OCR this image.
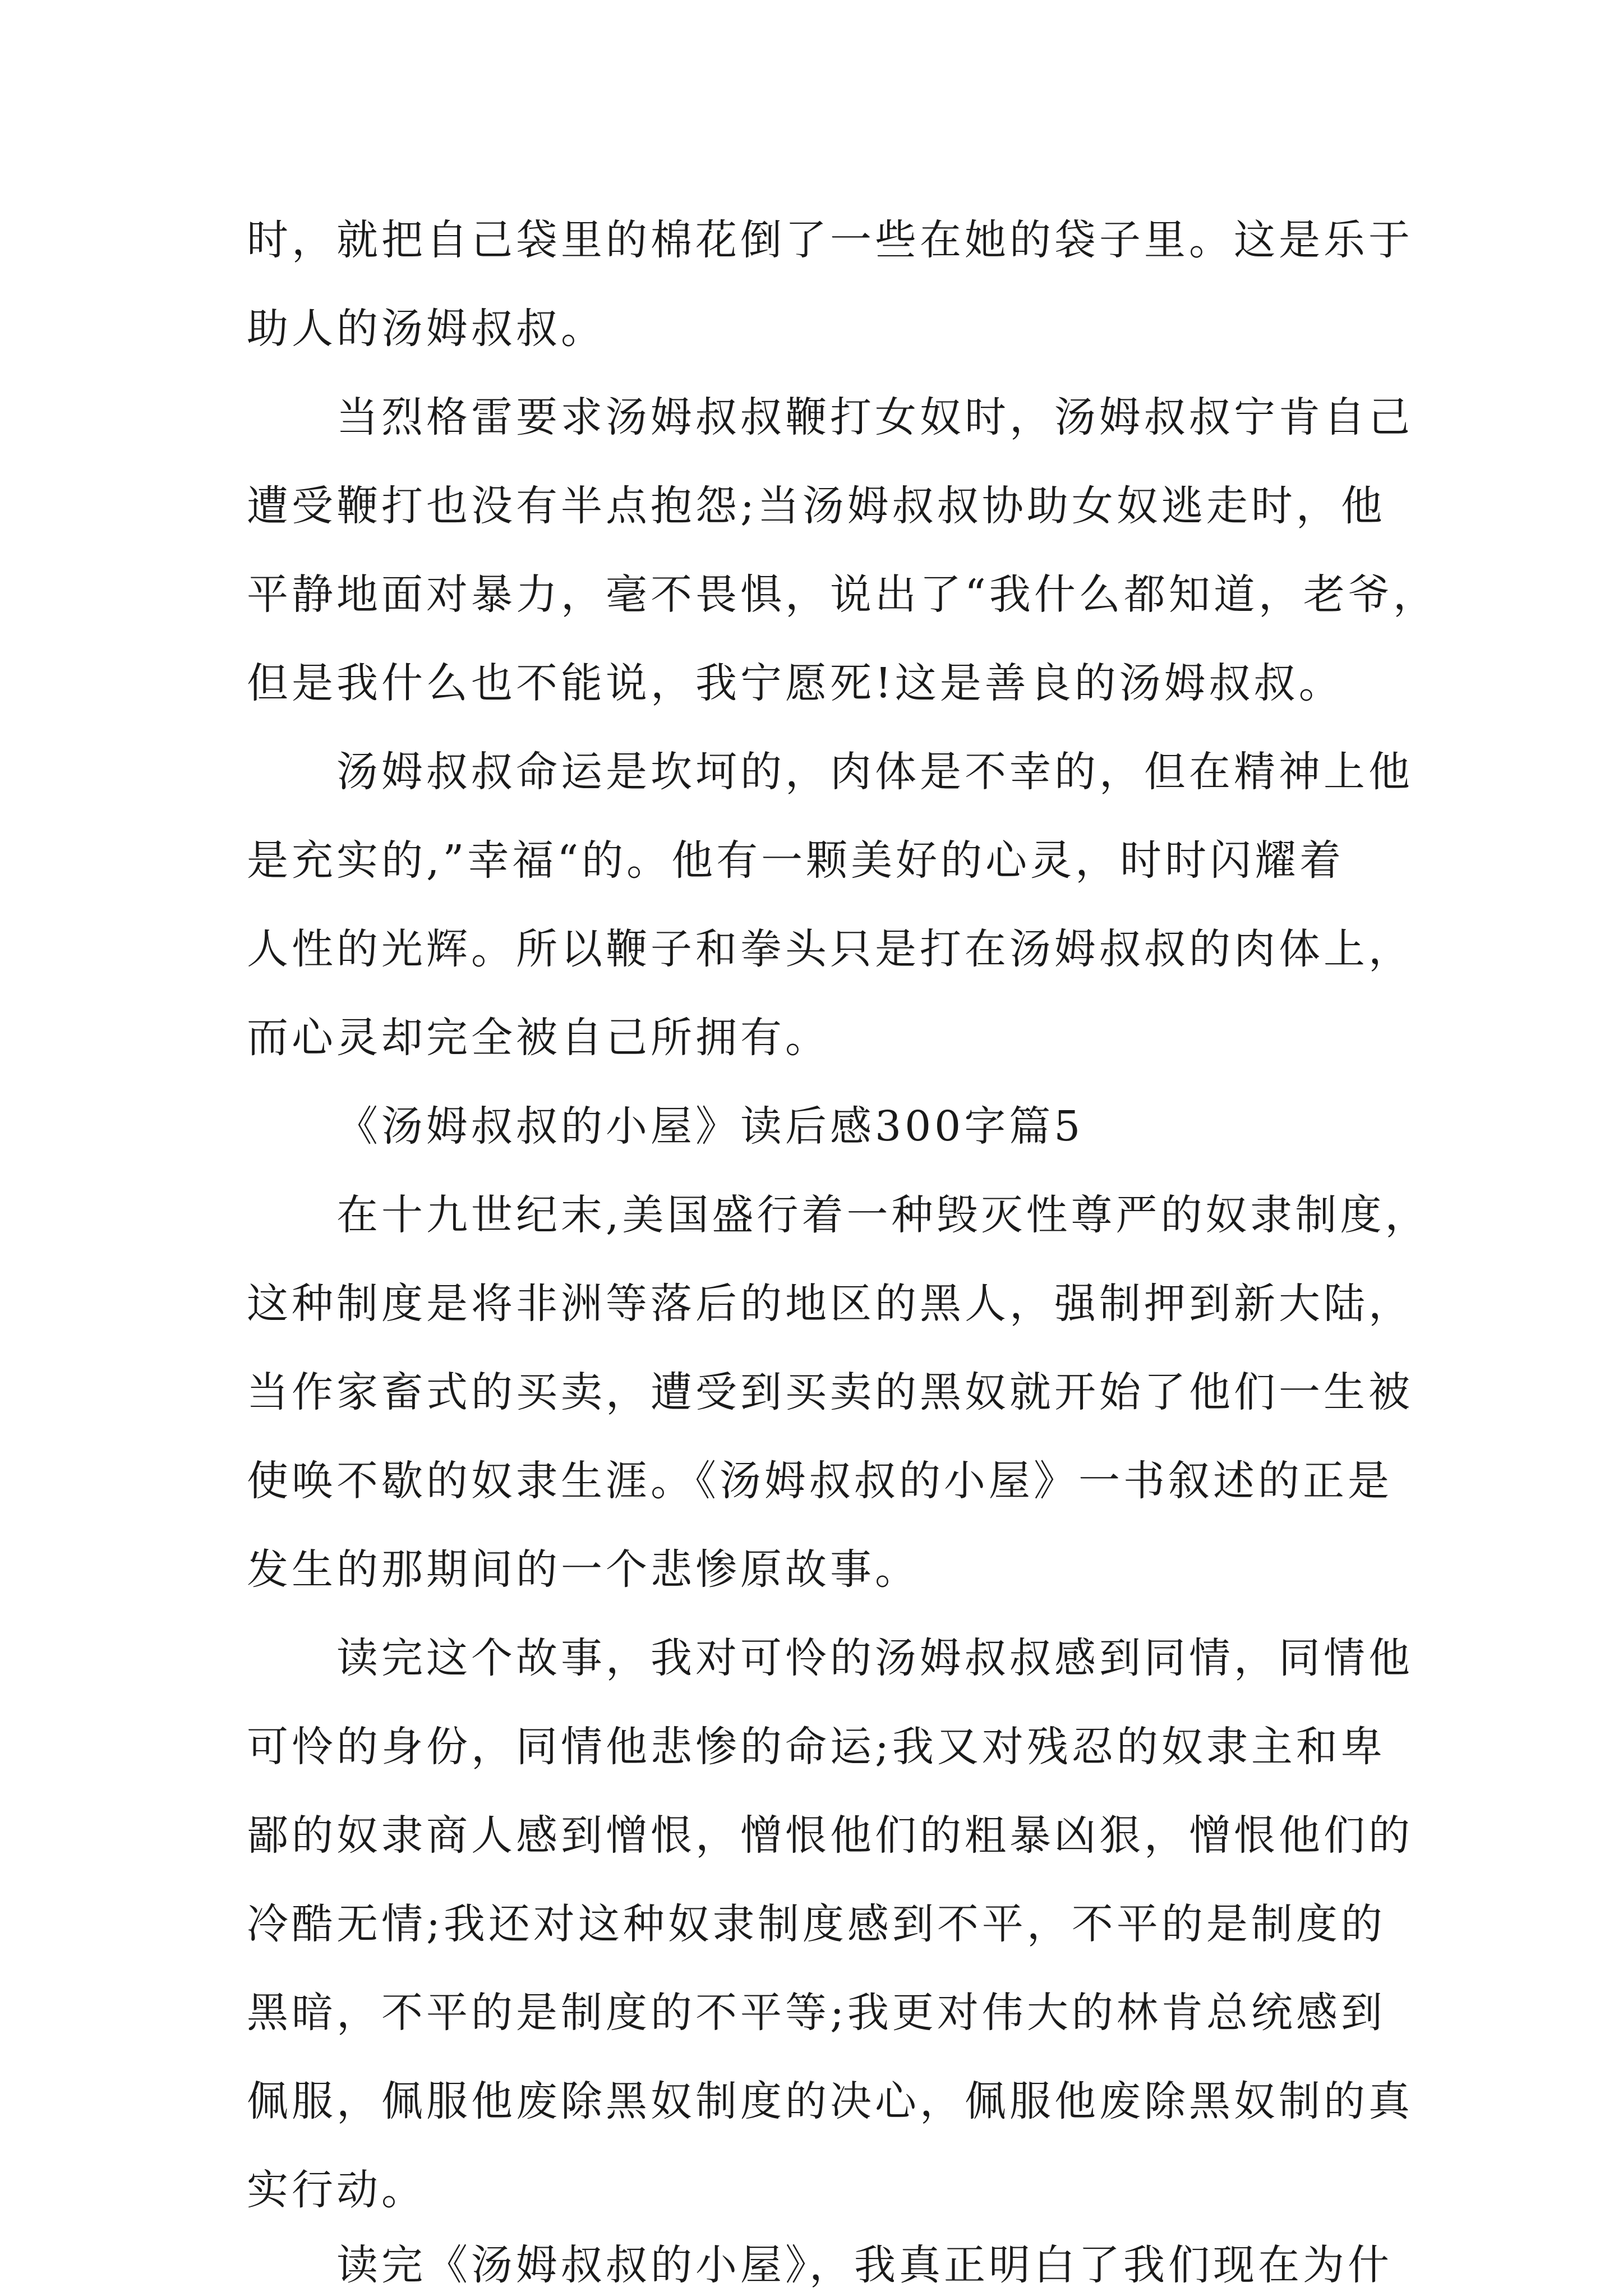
时，就把自己袋里的棉花倒了一些在她的袋子里。这是乐于
助人的汤姆叔叔。
当烈格雷要求汤姆叔叔鞭打女奴时，汤姆叔叔宁肯自己
遭受鞭打也没有半点抱怨;当汤姆叔叔协助女奴逃走时，他
平静地面对暴力，毫不畏惧，说出了“我什么都知道，老爷，
但是我什么也不能说，我宁愿死!这是善良的汤姆叔叔。
汤姆叔叔命运是坎坷的，肉体是不幸的，但在精神上他
是充实的,”幸福“的。他有一颗美好的心灵，时时闪耀着
人性的光辉。所以鞭子和拳头只是打在汤姆叔叔的肉体上，
而心灵却完全被自己所拥有。
《汤姆叔叔的小屋》读后感300字篇5
在十九世纪末,美国盛行着一种毁灭性尊严的奴隶制度，
这种制度是将非洲等落后的地区的黑人，强制押到新大陆，
当作家畜式的买卖，遭受到买卖的黑奴就开始了他们一生被
使唤不歇的奴隶生涯。《汤姆叔叔的小屋》一书叙述的正是
发生的那期间的一个悲惨原故事。
读完这个故事，我对可怜的汤姆叔叔感到同情，同情他
可怜的身份，同情他悲惨的命运;我又对残忍的奴隶主和卑
鄙的奴隶商人感到憎恨，憎恨他们的粗暴凶狠，憎恨他们的
冷酷无情;我还对这种奴隶制度感到不平，不平的是制度的
黑暗，不平的是制度的不平等;我更对伟大的林肯总统感到
佩服，佩服他废除黑奴制度的决心，佩服他废除黑奴制的真
实行动。
读完《汤姆叔叔的小屋》，我真正明白了我们现在为什
